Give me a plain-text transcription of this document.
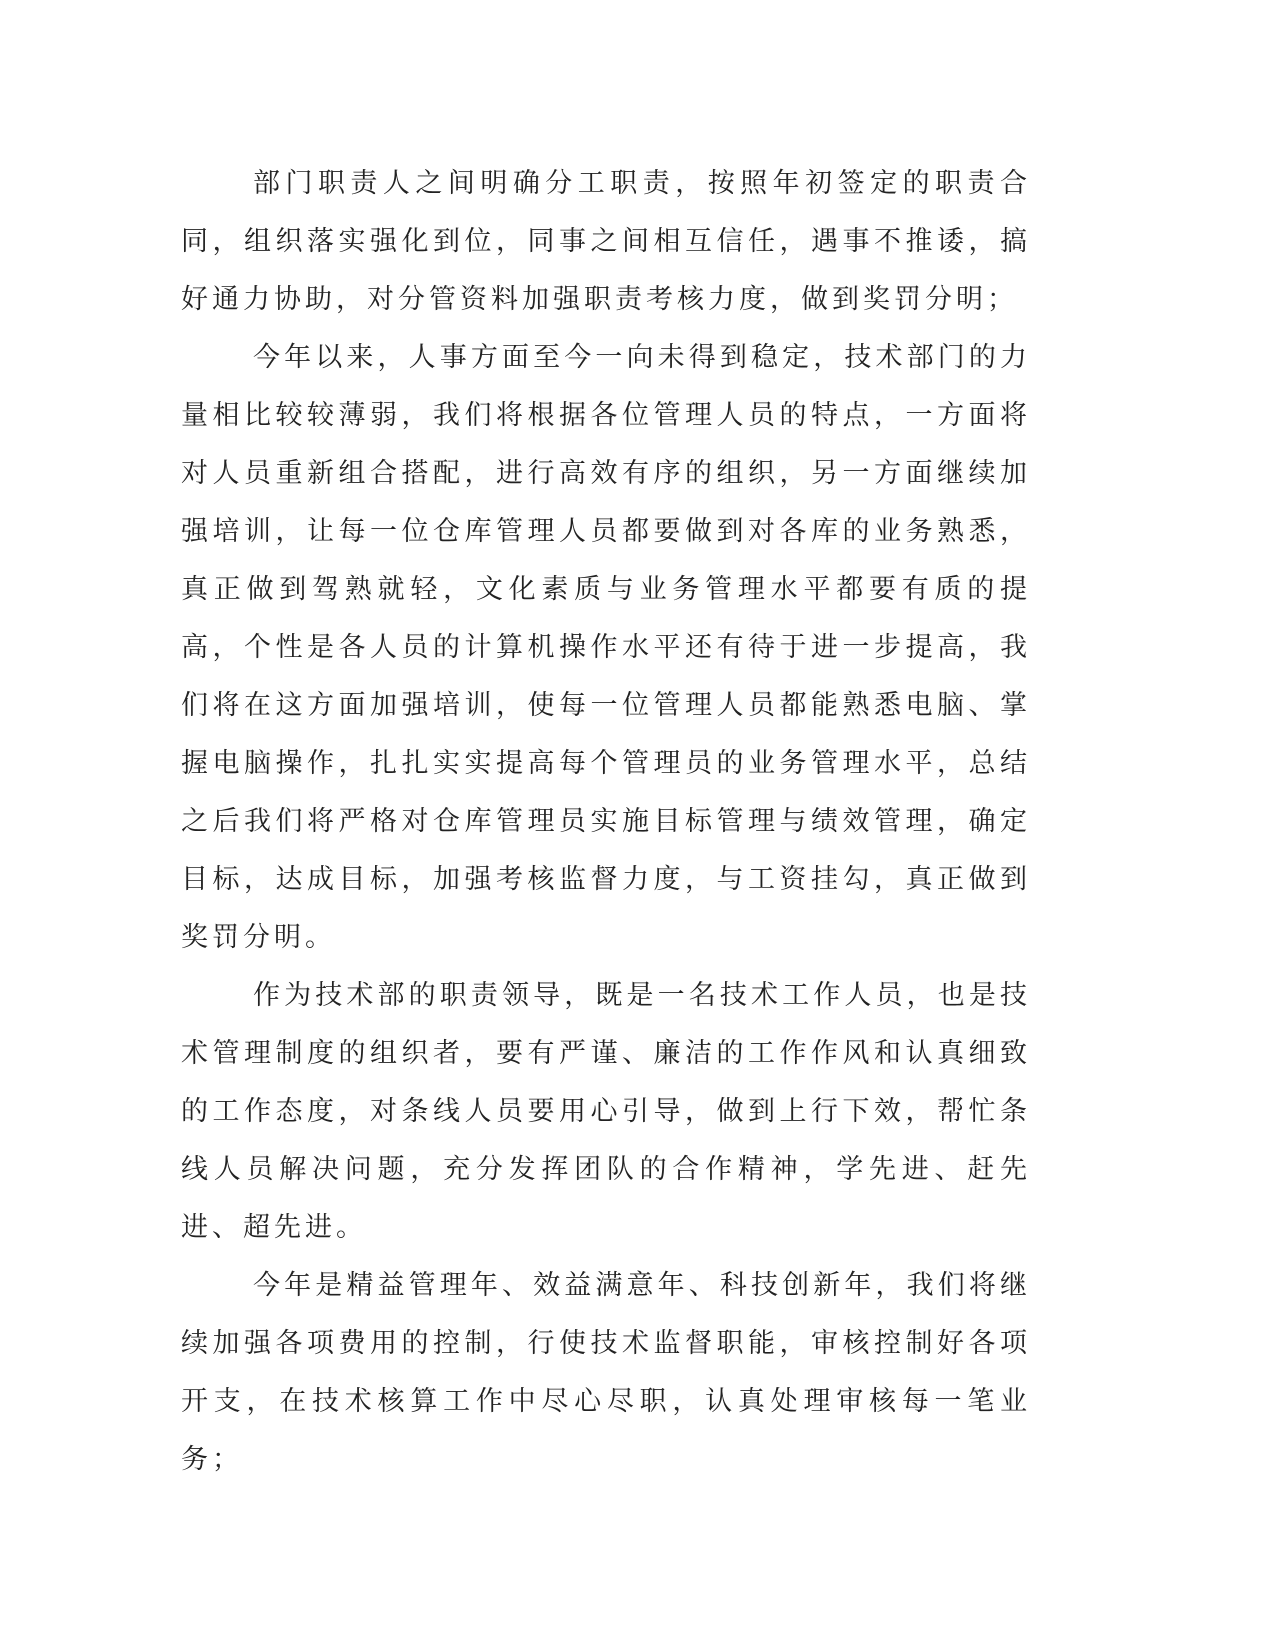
部门职责人之间明确分工职责，按照年初签定的职责合同，组织落实强化到位，同事之间相互信任，遇事不推诿，搞好通力协助，对分管资料加强职责考核力度，做到奖罚分明；

今年以来，人事方面至今一向未得到稳定，技术部门的力量相比较较薄弱，我们将根据各位管理人员的特点，一方面将对人员重新组合搭配，进行高效有序的组织，另一方面继续加强培训，让每一位仓库管理人员都要做到对各库的业务熟悉，真正做到驾熟就轻，文化素质与业务管理水平都要有质的提高，个性是各人员的计算机操作水平还有待于进一步提高，我们将在这方面加强培训，使每一位管理人员都能熟悉电脑、掌握电脑操作，扎扎实实提高每个管理员的业务管理水平，总结之后我们将严格对仓库管理员实施目标管理与绩效管理，确定目标，达成目标，加强考核监督力度，与工资挂勾，真正做到奖罚分明。

作为技术部的职责领导，既是一名技术工作人员，也是技术管理制度的组织者，要有严谨、廉洁的工作作风和认真细致的工作态度，对条线人员要用心引导，做到上行下效，帮忙条线人员解决问题，充分发挥团队的合作精神，学先进、赶先进、超先进。

今年是精益管理年、效益满意年、科技创新年，我们将继续加强各项费用的控制，行使技术监督职能，审核控制好各项开支，在技术核算工作中尽心尽职，认真处理审核每一笔业务；
